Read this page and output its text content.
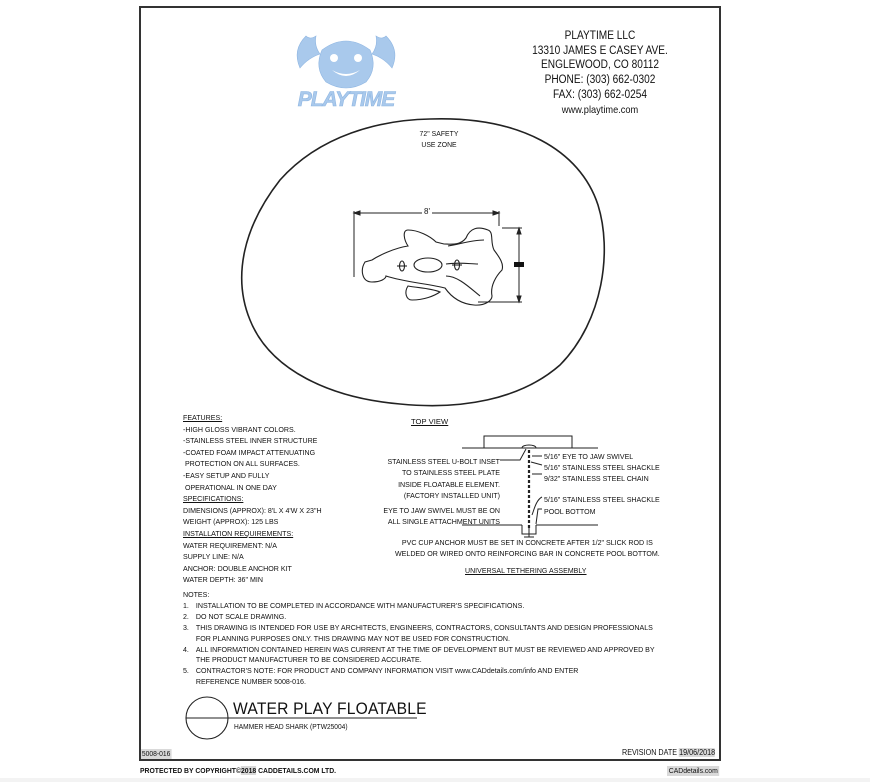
PLAYTIME
PLAYTIME LLC
13310 JAMES E CASEY AVE.
ENGLEWOOD, CO 80112
PHONE: (303) 662-0302
FAX: (303) 662-0254
www.playtime.com
72" SAFETY
USE ZONE
8'
TOP VIEW
FEATURES:
-HIGH GLOSS VIBRANT COLORS.
-STAINLESS STEEL INNER STRUCTURE
-COATED FOAM IMPACT ATTENUATING
PROTECTION ON ALL SURFACES.
-EASY SETUP AND FULLY
OPERATIONAL IN ONE DAY
SPECIFICATIONS:
DIMENSIONS (APPROX): 8'L X 4'W X 23"H
WEIGHT (APPROX): 125 LBS
INSTALLATION REQUIREMENTS:
WATER REQUIREMENT: N/A
SUPPLY LINE: N/A
ANCHOR: DOUBLE ANCHOR KIT
WATER DEPTH: 36" MIN
STAINLESS STEEL U-BOLT INSET
TO STAINLESS STEEL PLATE
INSIDE FLOATABLE ELEMENT.
(FACTORY INSTALLED UNIT)
EYE TO JAW SWIVEL MUST BE ON
ALL SINGLE ATTACHMENT UNITS
5/16" EYE TO JAW SWIVEL
5/16" STAINLESS STEEL SHACKLE
9/32" STAINLESS STEEL CHAIN
5/16" STAINLESS STEEL SHACKLE
POOL BOTTOM
PVC CUP ANCHOR MUST BE SET IN CONCRETE AFTER 1/2" SLICK ROD IS
WELDED OR WIRED ONTO REINFORCING BAR IN CONCRETE POOL BOTTOM.
UNIVERSAL TETHERING ASSEMBLY
NOTES:
1. INSTALLATION TO BE COMPLETED IN ACCORDANCE WITH MANUFACTURER'S SPECIFICATIONS.
2. DO NOT SCALE DRAWING.
3. THIS DRAWING IS INTENDED FOR USE BY ARCHITECTS, ENGINEERS, CONTRACTORS, CONSULTANTS AND DESIGN PROFESSIONALS
FOR PLANNING PURPOSES ONLY. THIS DRAWING MAY NOT BE USED FOR CONSTRUCTION.
4. ALL INFORMATION CONTAINED HEREIN WAS CURRENT AT THE TIME OF DEVELOPMENT BUT MUST BE REVIEWED AND APPROVED BY
THE PRODUCT MANUFACTURER TO BE CONSIDERED ACCURATE.
5. CONTRACTOR'S NOTE: FOR PRODUCT AND COMPANY INFORMATION VISIT www.CADdetails.com/info AND ENTER
REFERENCE NUMBER 5008-016.
WATER PLAY FLOATABLE
HAMMER HEAD SHARK (PTW25004)
5008-016	REVISION DATE 19/06/2018
PROTECTED BY COPYRIGHT©2018 CADDETAILS.COM LTD.	CADdetails.com
